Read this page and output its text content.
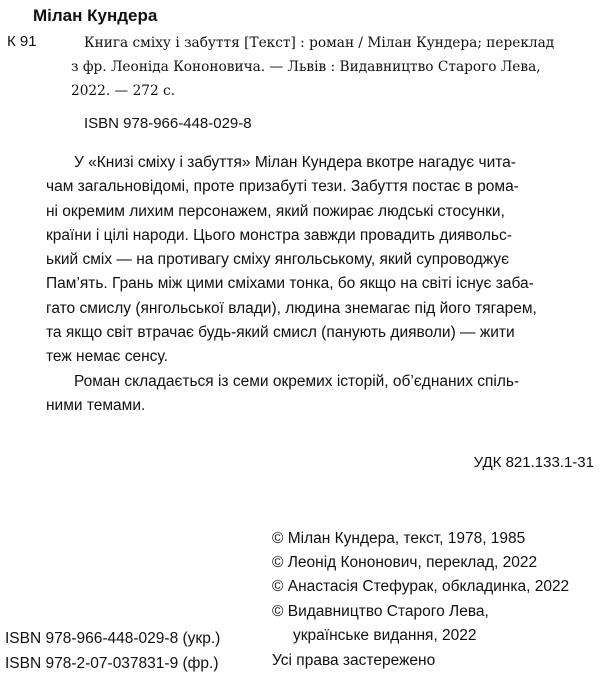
Мілан Кундера
К 91	Книга сміху і забуття [Текст] : роман / Мілан Кундера; переклад
з фр. Леоніда Кононовича. — Львів : Видавництво Старого Лева,
2022. — 272 с.
ISBN 978-966-448-029-8
У «Книзі сміху і забуття» Мілан Кундера вкотре нагадує чита-
чам загальновідомі, проте призабуті тези. Забуття постає в рома-
ні окремим лихим персонажем, який пожирає людські стосунки,
країни і цілі народи. Цього монстра завжди провадить диявольс-
ький сміх — на противагу сміху янгольському, який супроводжує
Пам’ять. Грань між цими сміхами тонка, бо якщо на світі існує заба-
гато смислу (янгольської влади), людина знемагає під його тягарем,
та якщо світ втрачає будь-який смисл (панують дияволи) — жити
теж немає сенсу.
Роман складається із семи окремих історій, об’єднаних спіль-
ними темами.
УДК 821.133.1-31
© Мілан Кундера, текст, 1978, 1985
© Леонід Кононович, переклад, 2022
© Анастасія Стефурак, обкладинка, 2022
© Видавництво Старого Лева,
українське видання, 2022
ISBN 978-966-448-029-8 (укр.)
ISBN 978-2-07-037831-9 (фр.)	Усі права застережено
